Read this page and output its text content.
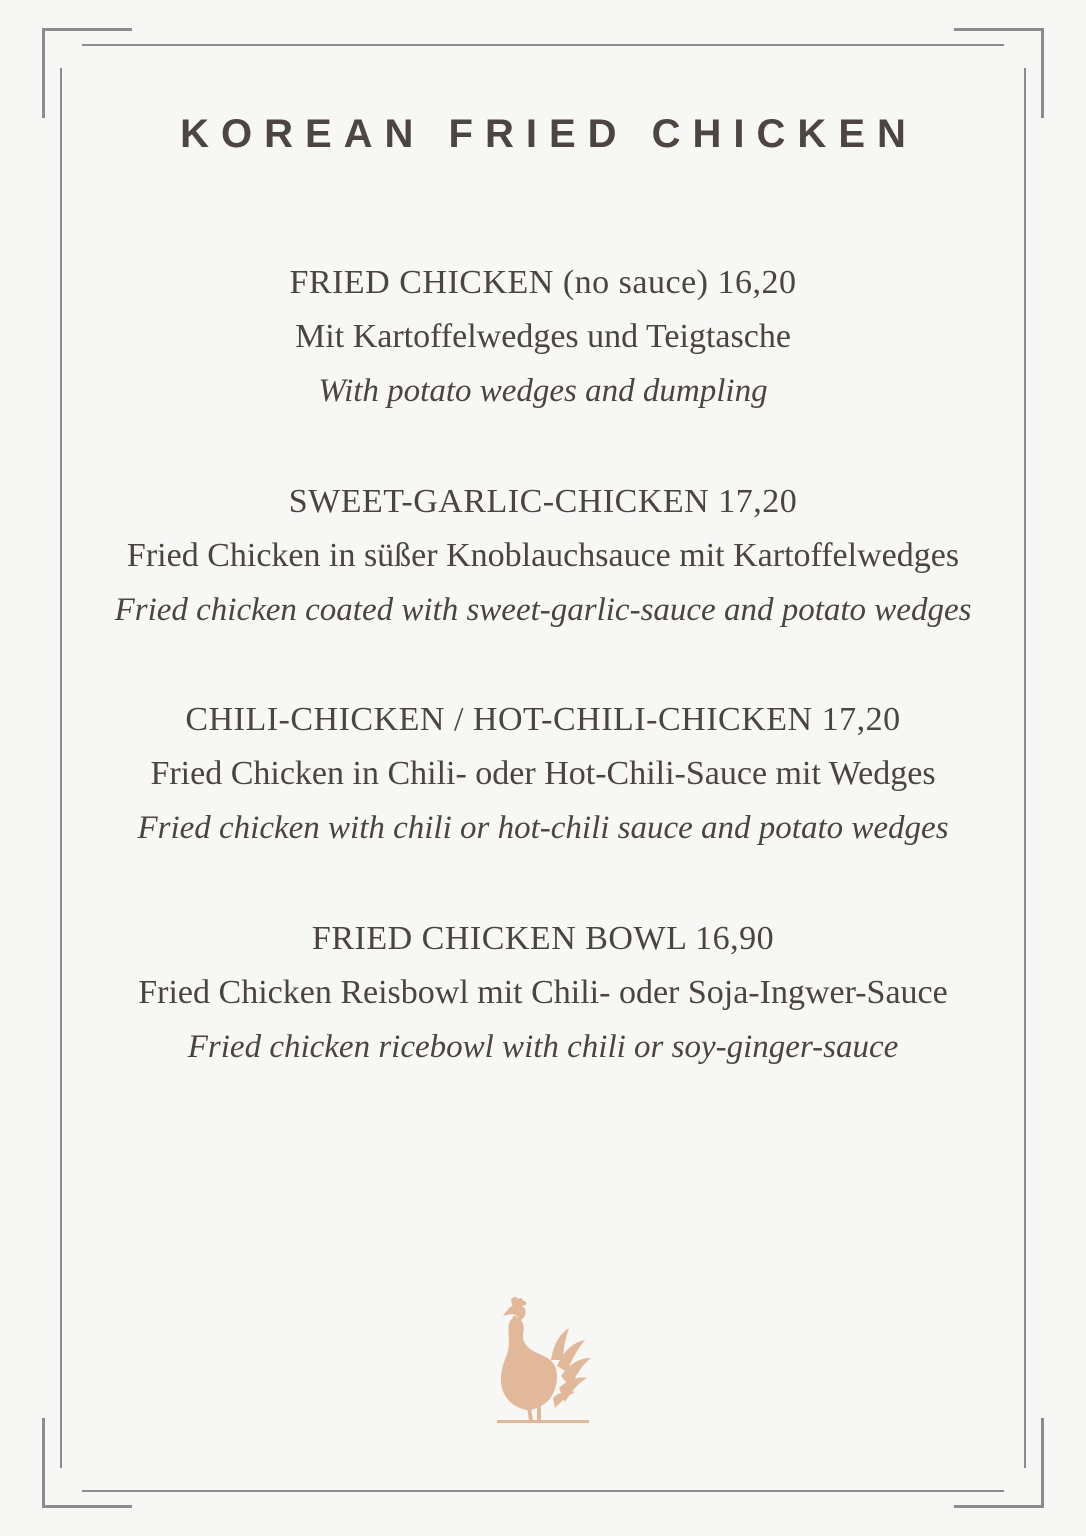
KOREAN FRIED CHICKEN
FRIED CHICKEN (no sauce) 16,20
Mit Kartoffelwedges und Teigtasche
With potato wedges and dumpling
SWEET-GARLIC-CHICKEN 17,20
Fried Chicken in süßer Knoblauchsauce mit Kartoffelwedges
Fried chicken coated with sweet-garlic-sauce and potato wedges
CHILI-CHICKEN / HOT-CHILI-CHICKEN 17,20
Fried Chicken in Chili- oder Hot-Chili-Sauce mit Wedges
Fried chicken with chili or hot-chili sauce and potato wedges
FRIED CHICKEN BOWL 16,90
Fried Chicken Reisbowl mit Chili- oder Soja-Ingwer-Sauce
Fried chicken ricebowl with chili or soy-ginger-sauce
